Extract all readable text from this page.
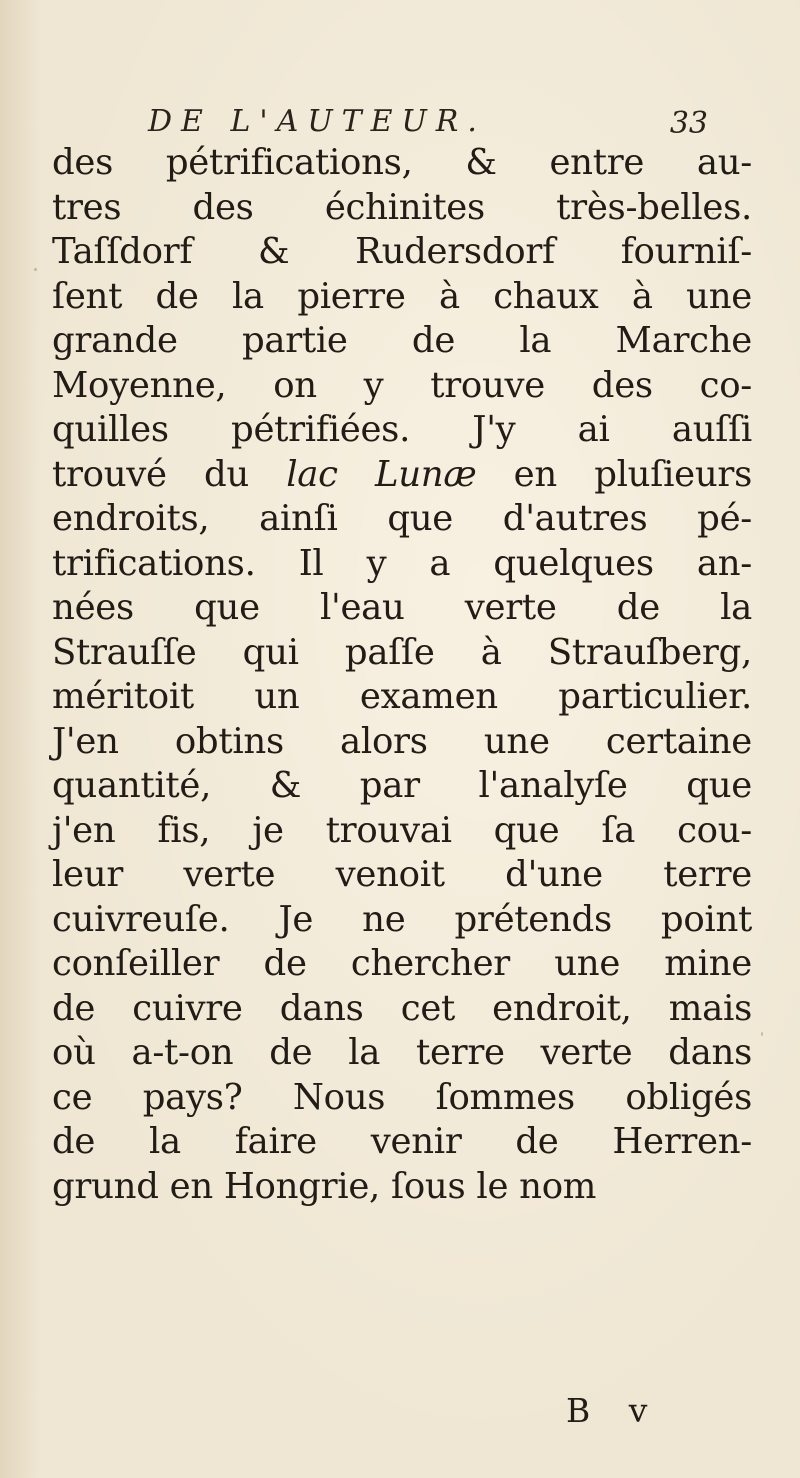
DE L'AUTEUR.	33
des pétrifications, & entre au-
tres des échinites très-belles.
Taſſdorf & Rudersdorf fourniſ-
ſent de la pierre à chaux à une
grande partie de la Marche
Moyenne, on y trouve des co-
quilles pétrifiées. J'y ai auſſi
trouvé du lac Lunæ en pluſieurs
endroits, ainſi que d'autres pé-
trifications. Il y a quelques an-
nées que l'eau verte de la
Strauſſe qui paſſe à Strauſberg,
méritoit un examen particulier.
J'en obtins alors une certaine
quantité, & par l'analyſe que
j'en fis, je trouvai que ſa cou-
leur verte venoit d'une terre
cuivreuſe. Je ne prétends point
conſeiller de chercher une mine
de cuivre dans cet endroit, mais
où a-t-on de la terre verte dans
ce pays? Nous ſommes obligés
de la faire venir de Herren-
grund en Hongrie, ſous le nom
B v
